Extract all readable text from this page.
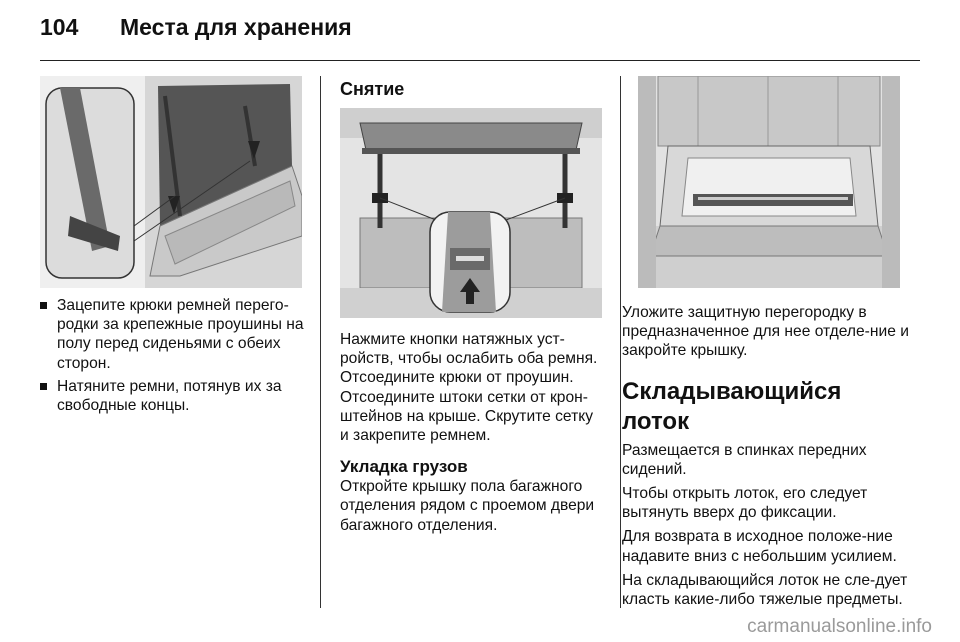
104 Места для хранения
Зацепите крюки ремней перего-родки за крепежные проушины на полу перед сиденьями с обеих сторон.
Натяните ремни, потянув их за свободные концы.
Снятие

Нажмите кнопки натяжных уст-ройств, чтобы ослабить оба ремня. Отсоедините крюки от проушин. Отсоедините штоки сетки от крон-штейнов на крыше. Скрутите сетку и закрепите ремнем.

Укладка грузов

Откройте крышку пола багажного отделения рядом с проемом двери багажного отделения.

Уложите защитную перегородку в предназначенное для нее отделе-ние и закройте крышку.

Складывающийся лоток

Размещается в спинках передних сидений.

Чтобы открыть лоток, его следует вытянуть вверх до фиксации.

Для возврата в исходное положе-ние надавите вниз с небольшим усилием.

На складывающийся лоток не сле-дует класть какие-либо тяжелые предметы.

carmanualsonline.info
